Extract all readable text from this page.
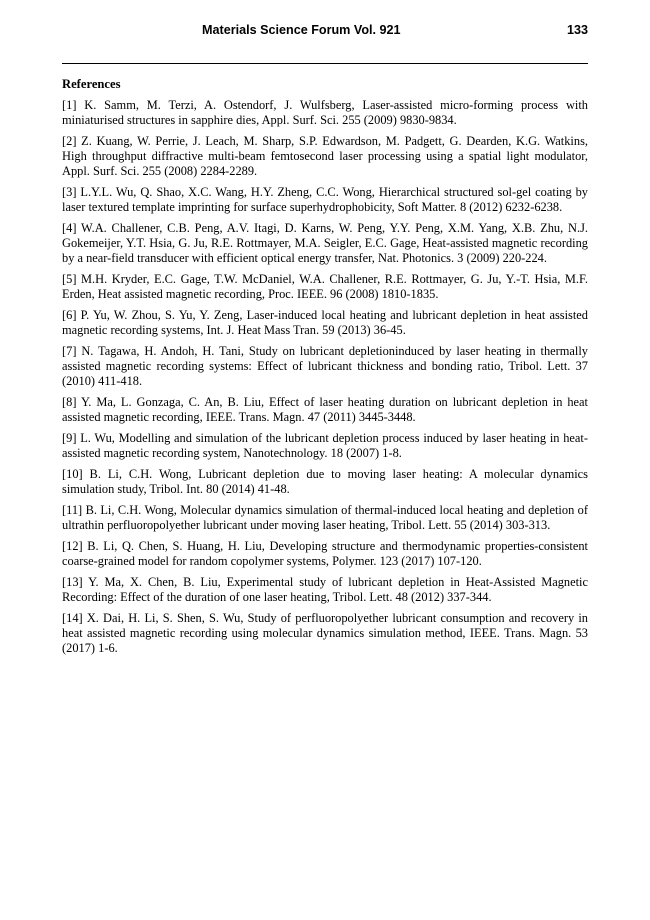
Materials Science Forum Vol. 921	133
References
[1] K. Samm, M. Terzi, A. Ostendorf, J. Wulfsberg, Laser-assisted micro-forming process with miniaturised structures in sapphire dies, Appl. Surf. Sci. 255 (2009) 9830-9834.
[2] Z. Kuang, W. Perrie, J. Leach, M. Sharp, S.P. Edwardson, M. Padgett, G. Dearden, K.G. Watkins, High throughput diffractive multi-beam femtosecond laser processing using a spatial light modulator, Appl. Surf. Sci. 255 (2008) 2284-2289.
[3] L.Y.L. Wu, Q. Shao, X.C. Wang, H.Y. Zheng, C.C. Wong, Hierarchical structured sol-gel coating by laser textured template imprinting for surface superhydrophobicity, Soft Matter. 8 (2012) 6232-6238.
[4] W.A. Challener, C.B. Peng, A.V. Itagi, D. Karns, W. Peng, Y.Y. Peng, X.M. Yang, X.B. Zhu, N.J. Gokemeijer, Y.T. Hsia, G. Ju, R.E. Rottmayer, M.A. Seigler, E.C. Gage, Heat-assisted magnetic recording by a near-field transducer with efficient optical energy transfer, Nat. Photonics. 3 (2009) 220-224.
[5] M.H. Kryder, E.C. Gage, T.W. McDaniel, W.A. Challener, R.E. Rottmayer, G. Ju, Y.-T. Hsia, M.F. Erden, Heat assisted magnetic recording, Proc. IEEE. 96 (2008) 1810-1835.
[6] P. Yu, W. Zhou, S. Yu, Y. Zeng, Laser-induced local heating and lubricant depletion in heat assisted magnetic recording systems, Int. J. Heat Mass Tran. 59 (2013) 36-45.
[7] N. Tagawa, H. Andoh, H. Tani, Study on lubricant depletioninduced by laser heating in thermally assisted magnetic recording systems: Effect of lubricant thickness and bonding ratio, Tribol. Lett. 37 (2010) 411-418.
[8] Y. Ma, L. Gonzaga, C. An, B. Liu, Effect of laser heating duration on lubricant depletion in heat assisted magnetic recording, IEEE. Trans. Magn. 47 (2011) 3445-3448.
[9] L. Wu, Modelling and simulation of the lubricant depletion process induced by laser heating in heat-assisted magnetic recording system, Nanotechnology. 18 (2007) 1-8.
[10] B. Li, C.H. Wong, Lubricant depletion due to moving laser heating: A molecular dynamics simulation study, Tribol. Int. 80 (2014) 41-48.
[11] B. Li, C.H. Wong, Molecular dynamics simulation of thermal-induced local heating and depletion of ultrathin perfluoropolyether lubricant under moving laser heating, Tribol. Lett. 55 (2014) 303-313.
[12] B. Li, Q. Chen, S. Huang, H. Liu, Developing structure and thermodynamic properties-consistent coarse-grained model for random copolymer systems, Polymer. 123 (2017) 107-120.
[13] Y. Ma, X. Chen, B. Liu, Experimental study of lubricant depletion in Heat-Assisted Magnetic Recording: Effect of the duration of one laser heating, Tribol. Lett. 48 (2012) 337-344.
[14] X. Dai, H. Li, S. Shen, S. Wu, Study of perfluoropolyether lubricant consumption and recovery in heat assisted magnetic recording using molecular dynamics simulation method, IEEE. Trans. Magn. 53 (2017) 1-6.
